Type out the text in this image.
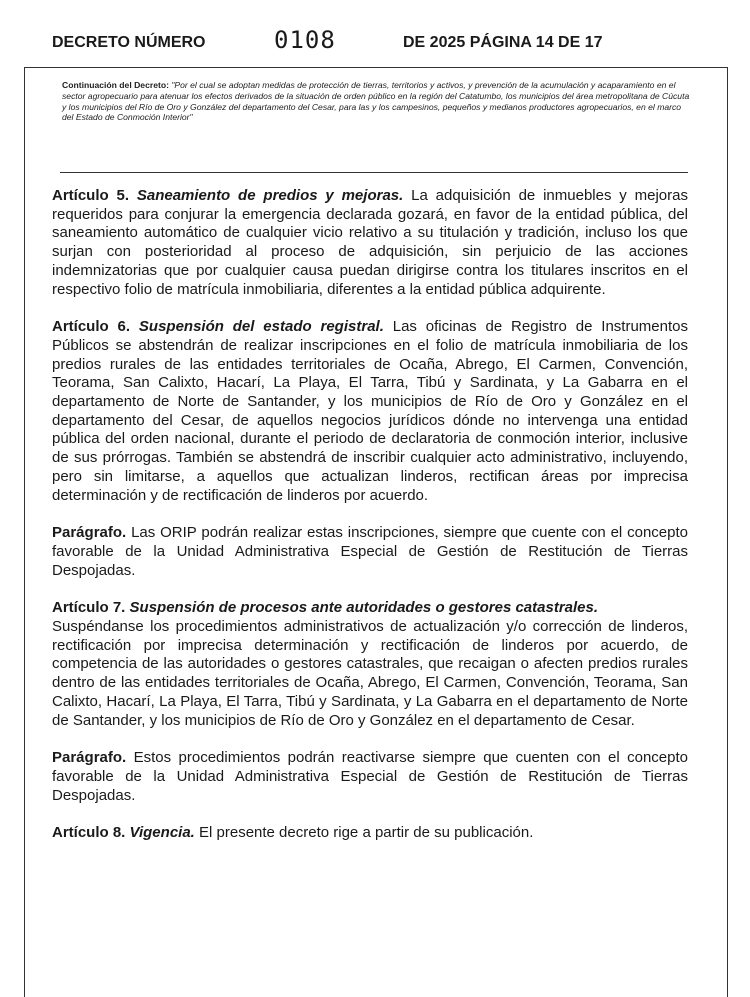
DECRETO NÚMERO	0108	DE 2025 PÁGINA 14 DE 17
Continuación del Decreto: "Por el cual se adoptan medidas de protección de tierras, territorios y activos, y prevención de la acumulación y acaparamiento en el sector agropecuario para atenuar los efectos derivados de la situación de orden público en la región del Catatumbo, los municipios del área metropolitana de Cúcuta y los municipios del Río de Oro y González del departamento del Cesar, para las y los campesinos, pequeños y medianos productores agropecuarios, en el marco del Estado de Conmoción Interior"

Artículo 5. Saneamiento de predios y mejoras. La adquisición de inmuebles y mejoras requeridos para conjurar la emergencia declarada gozará, en favor de la entidad pública, del saneamiento automático de cualquier vicio relativo a su titulación y tradición, incluso los que surjan con posterioridad al proceso de adquisición, sin perjuicio de las acciones indemnizatorias que por cualquier causa puedan dirigirse contra los titulares inscritos en el respectivo folio de matrícula inmobiliaria, diferentes a la entidad pública adquirente.

Artículo 6. Suspensión del estado registral. Las oficinas de Registro de Instrumentos Públicos se abstendrán de realizar inscripciones en el folio de matrícula inmobiliaria de los predios rurales de las entidades territoriales de Ocaña, Abrego, El Carmen, Convención, Teorama, San Calixto, Hacarí, La Playa, El Tarra, Tibú y Sardinata, y La Gabarra en el departamento de Norte de Santander, y los municipios de Río de Oro y González en el departamento del Cesar, de aquellos negocios jurídicos dónde no intervenga una entidad pública del orden nacional, durante el periodo de declaratoria de conmoción interior, inclusive de sus prórrogas. También se abstendrá de inscribir cualquier acto administrativo, incluyendo, pero sin limitarse, a aquellos que actualizan linderos, rectifican áreas por imprecisa determinación y de rectificación de linderos por acuerdo.

Parágrafo. Las ORIP podrán realizar estas inscripciones, siempre que cuente con el concepto favorable de la Unidad Administrativa Especial de Gestión de Restitución de Tierras Despojadas.

Artículo 7. Suspensión de procesos ante autoridades o gestores catastrales.
Suspéndanse los procedimientos administrativos de actualización y/o corrección de linderos, rectificación por imprecisa determinación y rectificación de linderos por acuerdo, de competencia de las autoridades o gestores catastrales, que recaigan o afecten predios rurales dentro de las entidades territoriales de Ocaña, Abrego, El Carmen, Convención, Teorama, San Calixto, Hacarí, La Playa, El Tarra, Tibú y Sardinata, y La Gabarra en el departamento de Norte de Santander, y los municipios de Río de Oro y González en el departamento de Cesar.

Parágrafo. Estos procedimientos podrán reactivarse siempre que cuenten con el concepto favorable de la Unidad Administrativa Especial de Gestión de Restitución de Tierras Despojadas.

Artículo 8. Vigencia. El presente decreto rige a partir de su publicación.
